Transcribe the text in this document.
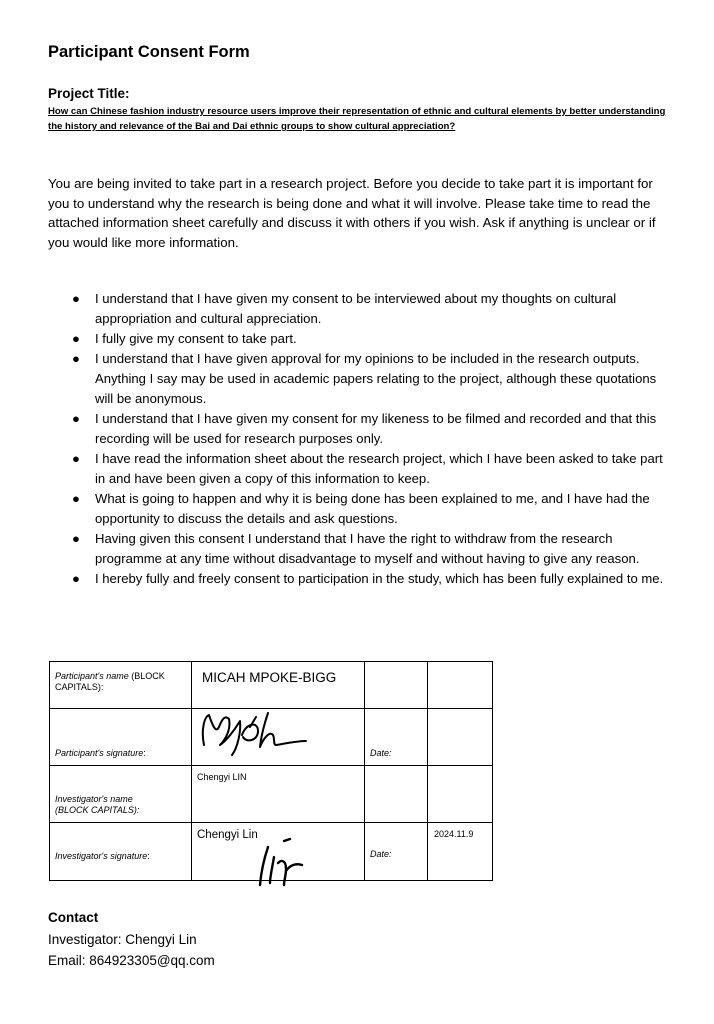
Participant Consent Form
Project Title:
How can Chinese fashion industry resource users improve their representation of ethnic and cultural elements by better understanding the history and relevance of the Bai and Dai ethnic groups to show cultural appreciation?

You are being invited to take part in a research project. Before you decide to take part it is important for you to understand why the research is being done and what it will involve. Please take time to read the attached information sheet carefully and discuss it with others if you wish. Ask if anything is unclear or if you would like more information.

● I understand that I have given my consent to be interviewed about my thoughts on cultural appropriation and cultural appreciation.
● I fully give my consent to take part.
● I understand that I have given approval for my opinions to be included in the research outputs. Anything I say may be used in academic papers relating to the project, although these quotations will be anonymous.
● I understand that I have given my consent for my likeness to be filmed and recorded and that this recording will be used for research purposes only.
● I have read the information sheet about the research project, which I have been asked to take part in and have been given a copy of this information to keep.
● What is going to happen and why it is being done has been explained to me, and I have had the opportunity to discuss the details and ask questions.
● Having given this consent I understand that I have the right to withdraw from the research programme at any time without disadvantage to myself and without having to give any reason.
● I hereby fully and freely consent to participation in the study, which has been fully explained to me.
Participant's name (BLOCK CAPITALS):	MICAH MPOKE-BIGG		

Participant's signature:		Date:	

Investigator's name (BLOCK CAPITALS):	Chengyi LIN		

Investigator's signature:	Chengyi Lin	Date:	2024.11.9
Contact
Investigator: Chengyi Lin
Email: 864923305@qq.com
